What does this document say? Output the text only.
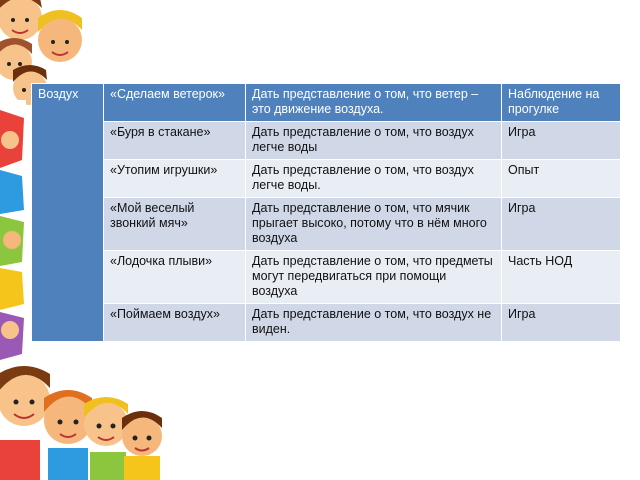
Воздух	«Сделаем ветерок»	Дать представление о том, что ветер – это движение воздуха.	Наблюдение на прогулке
	«Буря в стакане»	Дать представление о том, что воздух легче воды	Игра
	«Утопим игрушки»	Дать представление о том, что воздух легче воды.	Опыт
	«Мой веселый звонкий мяч»	Дать представление о том, что мячик прыгает высоко, потому что в нём много воздуха	Игра
	«Лодочка плыви»	Дать представление о том, что предметы могут передвигаться при помощи воздуха	Часть НОД
	«Поймаем воздух»	Дать представление о том, что воздух не виден.	Игра
